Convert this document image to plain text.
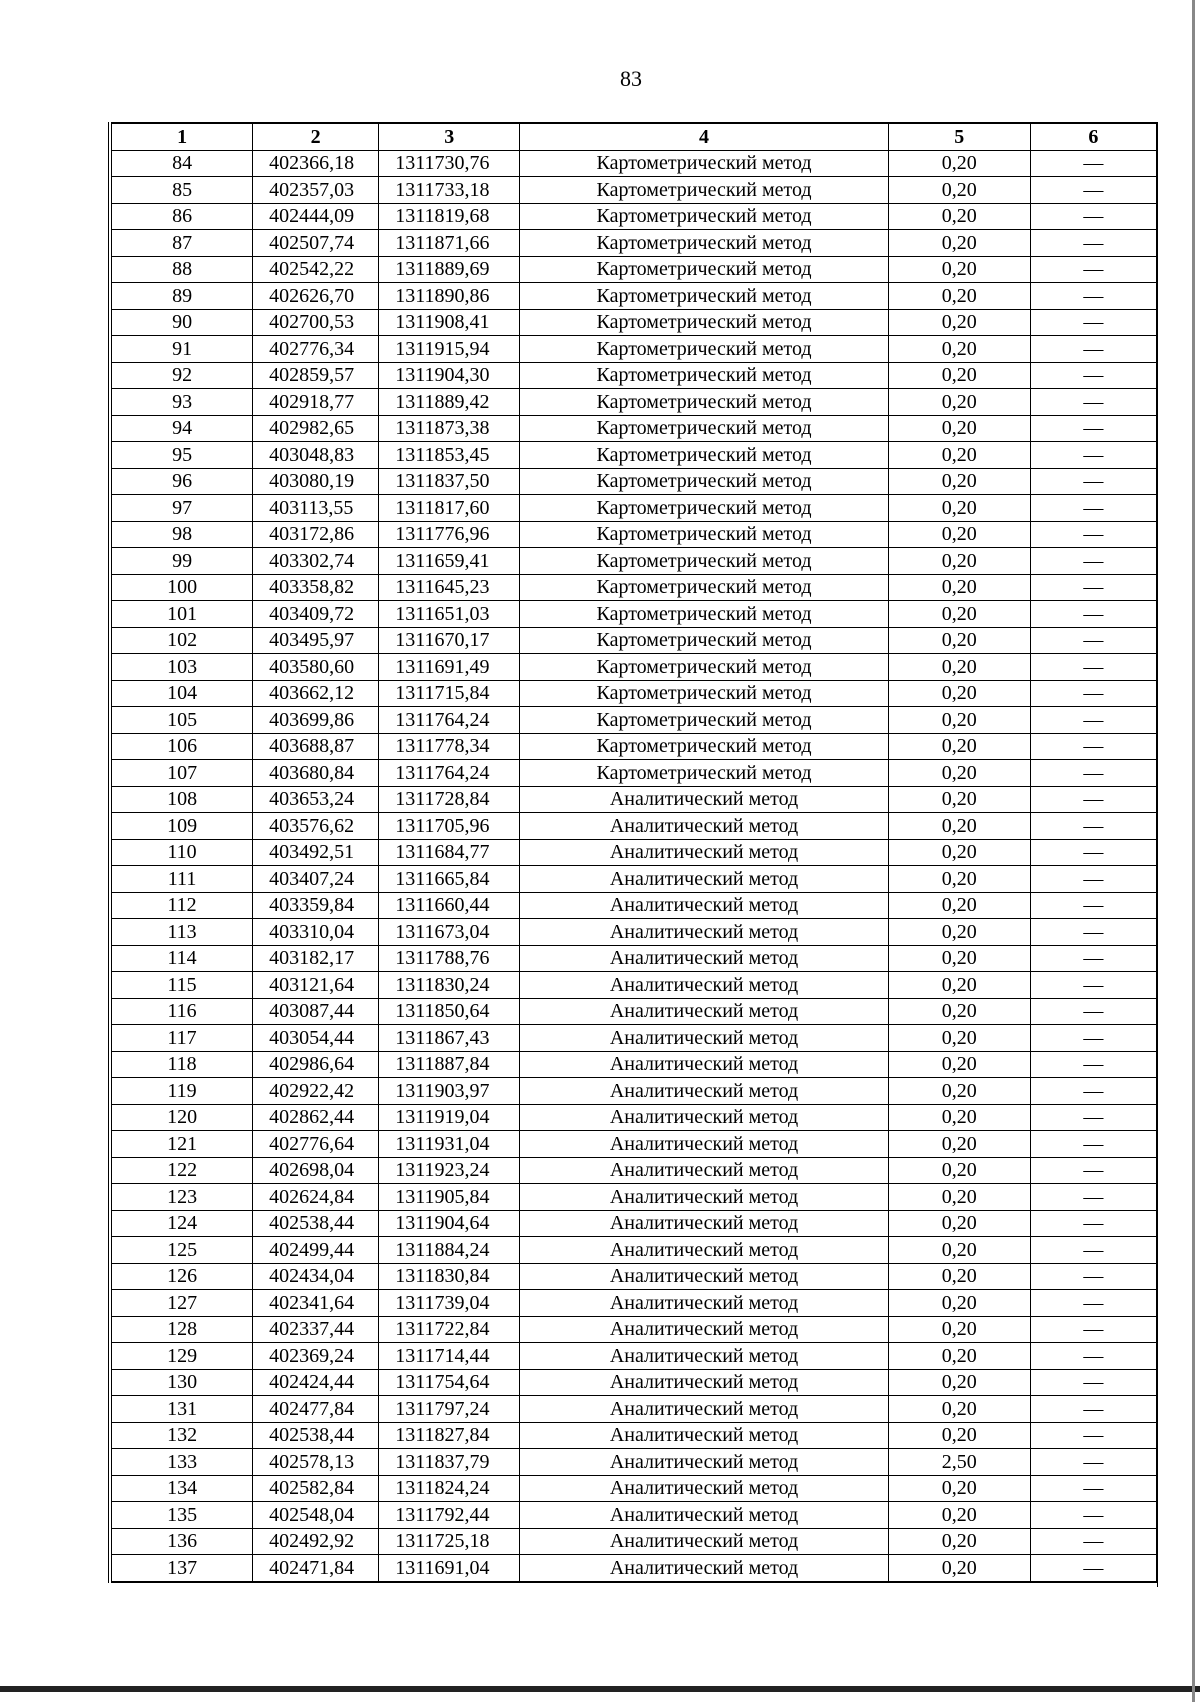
83
1	2	3	4	5	6
84	402366,18	1311730,76	Картометрический метод	0,20	—
85	402357,03	1311733,18	Картометрический метод	0,20	—
86	402444,09	1311819,68	Картометрический метод	0,20	—
87	402507,74	1311871,66	Картометрический метод	0,20	—
88	402542,22	1311889,69	Картометрический метод	0,20	—
89	402626,70	1311890,86	Картометрический метод	0,20	—
90	402700,53	1311908,41	Картометрический метод	0,20	—
91	402776,34	1311915,94	Картометрический метод	0,20	—
92	402859,57	1311904,30	Картометрический метод	0,20	—
93	402918,77	1311889,42	Картометрический метод	0,20	—
94	402982,65	1311873,38	Картометрический метод	0,20	—
95	403048,83	1311853,45	Картометрический метод	0,20	—
96	403080,19	1311837,50	Картометрический метод	0,20	—
97	403113,55	1311817,60	Картометрический метод	0,20	—
98	403172,86	1311776,96	Картометрический метод	0,20	—
99	403302,74	1311659,41	Картометрический метод	0,20	—
100	403358,82	1311645,23	Картометрический метод	0,20	—
101	403409,72	1311651,03	Картометрический метод	0,20	—
102	403495,97	1311670,17	Картометрический метод	0,20	—
103	403580,60	1311691,49	Картометрический метод	0,20	—
104	403662,12	1311715,84	Картометрический метод	0,20	—
105	403699,86	1311764,24	Картометрический метод	0,20	—
106	403688,87	1311778,34	Картометрический метод	0,20	—
107	403680,84	1311764,24	Картометрический метод	0,20	—
108	403653,24	1311728,84	Аналитический метод	0,20	—
109	403576,62	1311705,96	Аналитический метод	0,20	—
110	403492,51	1311684,77	Аналитический метод	0,20	—
111	403407,24	1311665,84	Аналитический метод	0,20	—
112	403359,84	1311660,44	Аналитический метод	0,20	—
113	403310,04	1311673,04	Аналитический метод	0,20	—
114	403182,17	1311788,76	Аналитический метод	0,20	—
115	403121,64	1311830,24	Аналитический метод	0,20	—
116	403087,44	1311850,64	Аналитический метод	0,20	—
117	403054,44	1311867,43	Аналитический метод	0,20	—
118	402986,64	1311887,84	Аналитический метод	0,20	—
119	402922,42	1311903,97	Аналитический метод	0,20	—
120	402862,44	1311919,04	Аналитический метод	0,20	—
121	402776,64	1311931,04	Аналитический метод	0,20	—
122	402698,04	1311923,24	Аналитический метод	0,20	—
123	402624,84	1311905,84	Аналитический метод	0,20	—
124	402538,44	1311904,64	Аналитический метод	0,20	—
125	402499,44	1311884,24	Аналитический метод	0,20	—
126	402434,04	1311830,84	Аналитический метод	0,20	—
127	402341,64	1311739,04	Аналитический метод	0,20	—
128	402337,44	1311722,84	Аналитический метод	0,20	—
129	402369,24	1311714,44	Аналитический метод	0,20	—
130	402424,44	1311754,64	Аналитический метод	0,20	—
131	402477,84	1311797,24	Аналитический метод	0,20	—
132	402538,44	1311827,84	Аналитический метод	0,20	—
133	402578,13	1311837,79	Аналитический метод	2,50	—
134	402582,84	1311824,24	Аналитический метод	0,20	—
135	402548,04	1311792,44	Аналитический метод	0,20	—
136	402492,92	1311725,18	Аналитический метод	0,20	—
137	402471,84	1311691,04	Аналитический метод	0,20	—
